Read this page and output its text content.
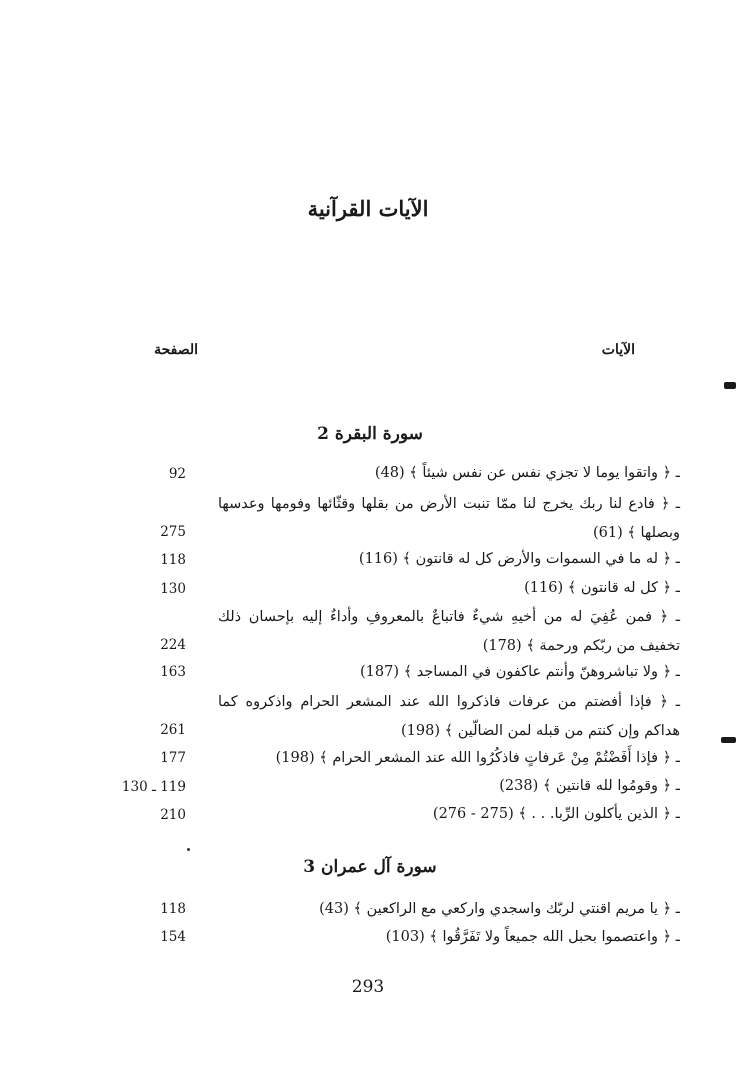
الآيات القرآنية
الآيات
الصفحة
سورة البقرة 2
ـ ﴿ واتقوا يوما لا تجزي نفس عن نفس شيئاً ﴾ (48)
92
ـ ﴿ فادع لنا ربك يخرج لنا ممّا تنبت الأرض من بقلها وقثّائها وفومها وعدسها وبصلها ﴾ (61)
275
ـ ﴿ له ما في السموات والأرض كل له قانتون ﴾ (116)
118
ـ ﴿ كل له قانتون ﴾ (116)
130
ـ ﴿ فمن عُفِيَ له من أخيهِ شيءٌ فاتباعٌ بالمعروفِ وأداءٌ إليه بإحسان ذلك تخفيف من ربّكم ورحمة ﴾ (178)
224
ـ ﴿ ولا تباشروهنّ وأنتم عاكفون في المساجد ﴾ (187)
163
ـ ﴿ فإذا أفضتم من عرفات فاذكروا الله عند المشعر الحرام واذكروه كما هداكم وإن كنتم من قبله لمن الضالّين ﴾ (198)
261
ـ ﴿ فإذا أَفَضْتُمْ مِنْ عَرفاتٍ فاذكُرُوا الله عند المشعر الحرام ﴾ (198)
177
ـ ﴿ وقومُوا لله قانتين ﴾ (238)
119 ـ 130
ـ ﴿ الذين يأكلون الرِّبا. . . ﴾ (275 - 276)
210
سورة آل عمران 3
ـ ﴿ يا مريم اقنتي لربّك واسجدي واركعي مع الراكعين ﴾ (43)
118
ـ ﴿ واعتصموا بحبل الله جميعاً ولا تَفَرَّقُوا ﴾ (103)
154
293
